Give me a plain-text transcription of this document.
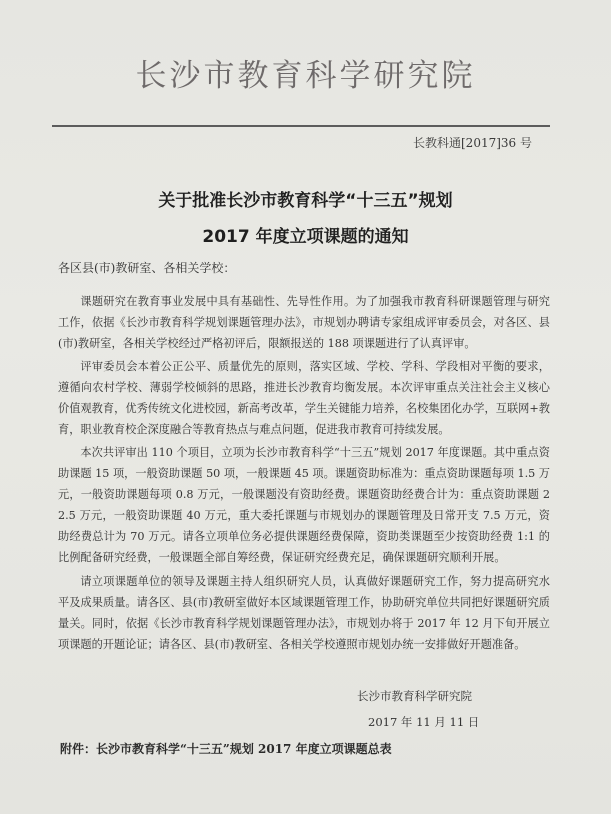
长沙市教育科学研究院
长教科通[2017]36 号
关于批准长沙市教育科学“十三五”规划
2017 年度立项课题的通知
各区县(市)教研室、各相关学校：
课题研究在教育事业发展中具有基础性、先导性作用。为了加强我市教育科研课题管理与研究工作，依据《长沙市教育科学规划课题管理办法》，市规划办聘请专家组成评审委员会，对各区、县(市)教研室，各相关学校经过严格初评后，限额报送的 188 项课题进行了认真评审。
评审委员会本着公正公平、质量优先的原则，落实区域、学校、学科、学段相对平衡的要求，遵循向农村学校、薄弱学校倾斜的思路，推进长沙教育均衡发展。本次评审重点关注社会主义核心价值观教育，优秀传统文化进校园，新高考改革，学生关键能力培养，名校集团化办学，互联网+教育，职业教育校企深度融合等教育热点与难点问题，促进我市教育可持续发展。
本次共评审出 110 个项目，立项为长沙市教育科学“十三五”规划 2017 年度课题。其中重点资助课题 15 项，一般资助课题 50 项，一般课题 45 项。课题资助标准为：重点资助课题每项 1.5 万元，一般资助课题每项 0.8 万元，一般课题没有资助经费。课题资助经费合计为：重点资助课题 22.5 万元，一般资助课题 40 万元，重大委托课题与市规划办的课题管理及日常开支 7.5 万元，资助经费总计为 70 万元。请各立项单位务必提供课题经费保障，资助类课题至少按资助经费 1:1 的比例配备研究经费，一般课题全部自筹经费，保证研究经费充足，确保课题研究顺利开展。
请立项课题单位的领导及课题主持人组织研究人员，认真做好课题研究工作，努力提高研究水平及成果质量。请各区、县(市)教研室做好本区域课题管理工作，协助研究单位共同把好课题研究质量关。同时，依据《长沙市教育科学规划课题管理办法》，市规划办将于 2017 年 12 月下旬开展立项课题的开题论证；请各区、县(市)教研室、各相关学校遵照市规划办统一安排做好开题准备。
长沙市教育科学研究院
2017 年 11 月 11 日
附件：长沙市教育科学“十三五”规划 2017 年度立项课题总表
